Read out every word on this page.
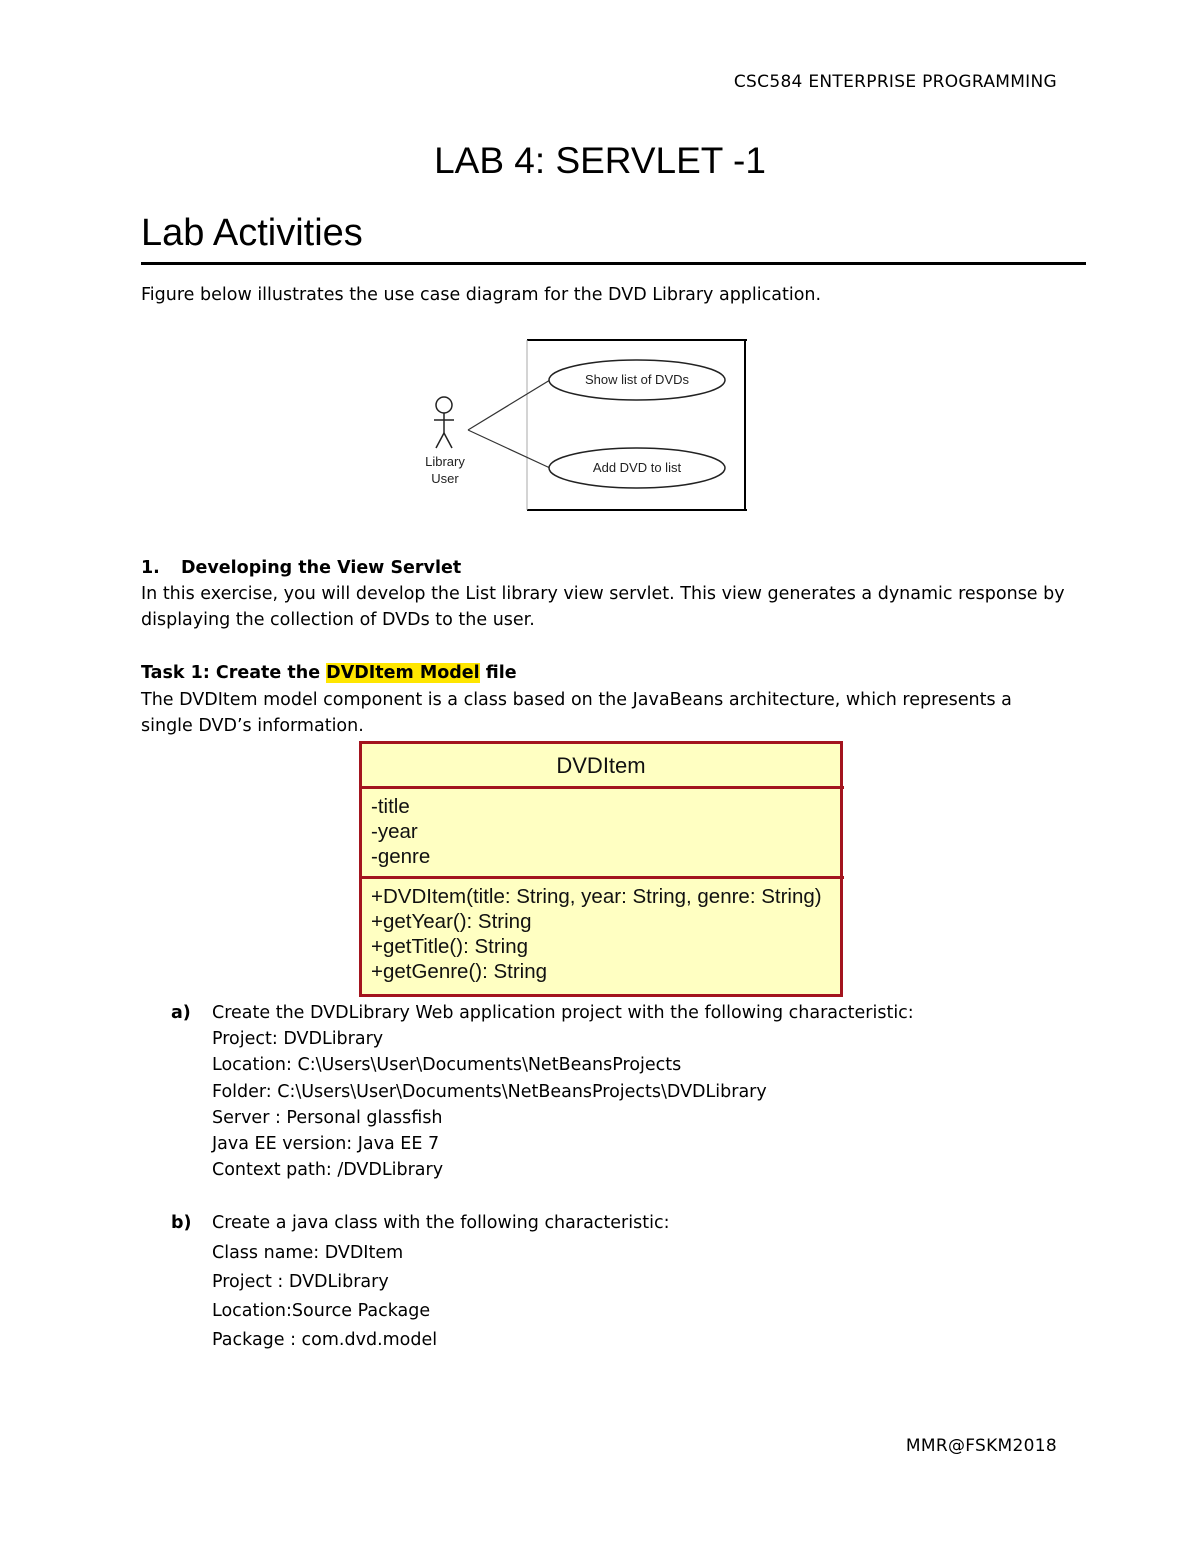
CSC584 ENTERPRISE PROGRAMMING
LAB 4: SERVLET -1
Lab Activities
Figure below illustrates the use case diagram for the DVD Library application.
Library
User
Show list of DVDs
Add DVD to list
1. Developing the View Servlet
In this exercise, you will develop the List library view servlet. This view generates a dynamic response by
displaying the collection of DVDs to the user.
Task 1: Create the DVDItem Model file
The DVDItem model component is a class based on the JavaBeans architecture, which represents a
single DVD’s information.
DVDItem
-title
-year
-genre
+DVDItem(title: String, year: String, genre: String)
+getYear(): String
+getTitle(): String
+getGenre(): String
a) Create the DVDLibrary Web application project with the following characteristic:
Project: DVDLibrary
Location: C:\Users\User\Documents\NetBeansProjects
Folder: C:\Users\User\Documents\NetBeansProjects\DVDLibrary
Server : Personal glassfish
Java EE version: Java EE 7
Context path: /DVDLibrary
b) Create a java class with the following characteristic:
Class name: DVDItem
Project : DVDLibrary
Location:Source Package
Package : com.dvd.model
MMR@FSKM2018
